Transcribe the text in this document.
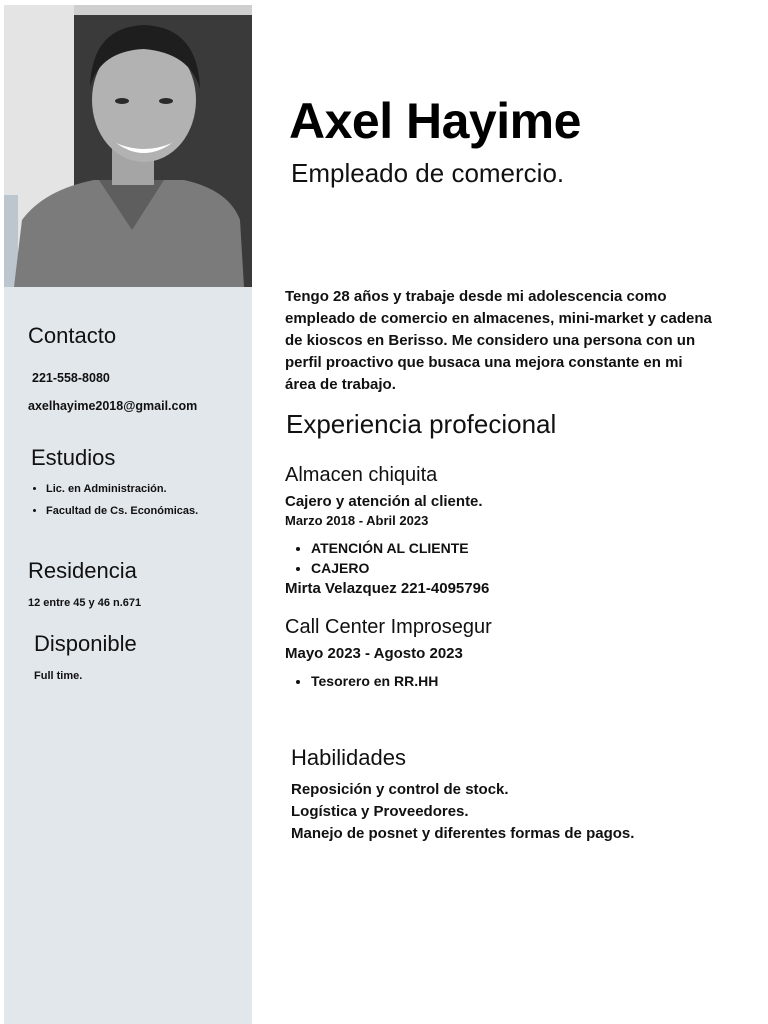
Contacto

221-558-8080

axelhayime2018@gmail.com

Estudios
• Lic. en Administración.
• Facultad de Cs. Económicas.
Residencia

12 entre 45 y 46 n.671

Disponible

Full time.

Axel Hayime
Empleado de comercio.

Tengo 28 años y trabaje desde mi adolescencia como empleado de comercio en almacenes, mini-market y cadena de kioscos en Berisso. Me considero una persona con un perfil proactivo que busaca una mejora constante en mi área de trabajo.

Experiencia profecional
Almacen chiquita

Cajero y atención al cliente.

Marzo 2018 - Abril 2023

• ATENCIÓN AL CLIENTE
• CAJERO

Mirta Velazquez 221-4095796

Call Center Improsegur

Mayo 2023 - Agosto 2023

• Tesorero en RR.HH
Habilidades
Reposición y control de stock.
Logística y Proveedores.
Manejo de posnet y diferentes formas de pagos.
